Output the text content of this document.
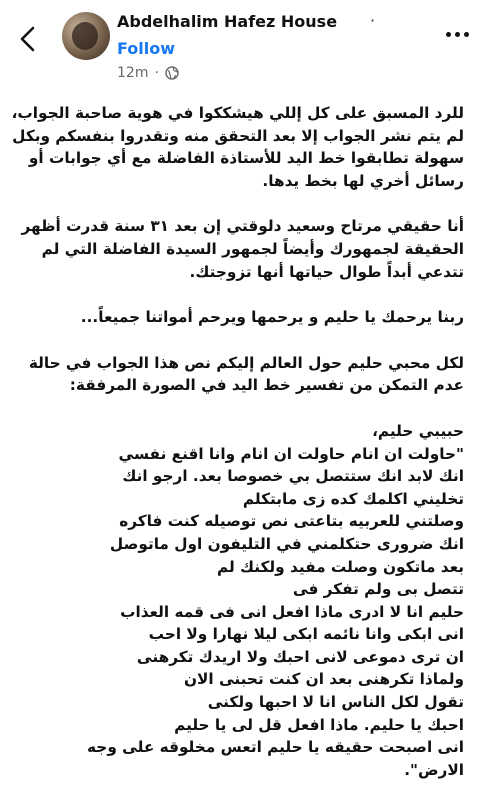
Abdelhalim Hafez House ·
Follow
12m ·

للرد المسبق على كل إللي هيشككوا في هوية صاحبة الجواب، لم يتم نشر الجواب إلا بعد التحقق منه وتقدروا بنفسكم وبكل سهولة تطابقوا خط اليد للأستاذة الفاضلة مع أي جوابات أو رسائل أخري لها بخط يدها.

أنا حقيقي مرتاح وسعيد دلوقتي إن بعد ٣١ سنة قدرت أظهر الحقيقة لجمهورك وأيضاً لجمهور السيدة الفاضلة التي لم تتدعي أبداً طوال حياتها أنها تزوجتك.

ربنا يرحمك يا حليم و يرحمها ويرحم أمواتنا جميعاً...

لكل محبي حليم حول العالم إليكم نص هذا الجواب في حالة عدم التمكن من تفسير خط اليد في الصورة المرفقة:

حبيبي حليم،
"حاولت ان انام حاولت ان انام وانا اقنع نفسي
انك لابد انك ستتصل بي خصوصا بعد. ارجو انك
تخليني اكلمك كده زى مابتكلم
وصلتني للعربيه بتاعتى نص توصيله كنت فاكره
انك ضرورى حتكلمني في التليفون اول ماتوصل
بعد ماتكون وصلت مفيد ولكنك لم
تتصل بى ولم تفكر فى
حليم انا لا ادرى ماذا افعل انى فى قمه العذاب
انى ابكى وانا نائمه ابكى ليلا نهارا ولا احب
ان ترى دموعى لانى احبك ولا اريدك تكرهنى
ولماذا تكرهنى بعد ان كنت تحبنى الان
تقول لكل الناس انا لا احبها ولكنى
احبك يا حليم. ماذا افعل قل لى يا حليم
انى اصبحت حقيقه يا حليم اتعس مخلوقه على وجه
الارض".
